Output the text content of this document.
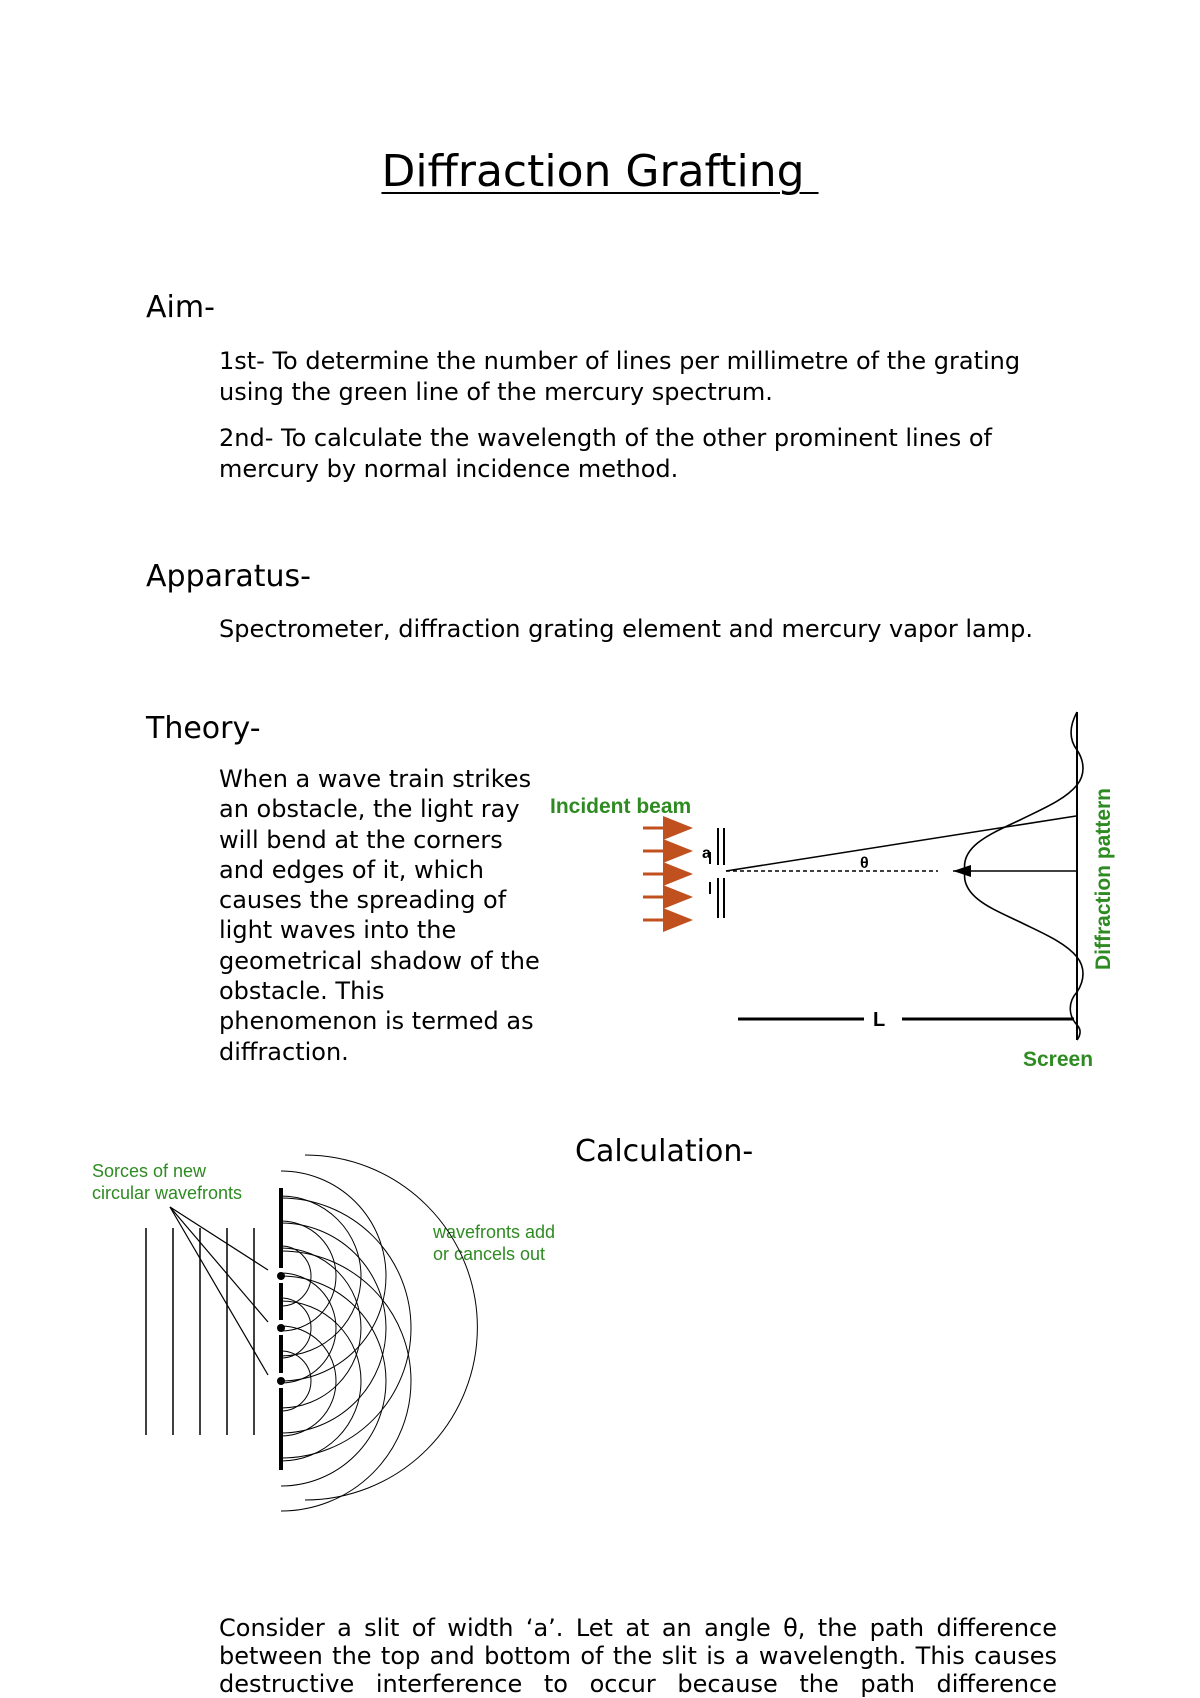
Diffraction Grafting
Aim-
1st- To determine the number of lines per millimetre of the grating using the green line of the mercury spectrum.
2nd- To calculate the wavelength of the other prominent lines of mercury by normal incidence method.
Apparatus-
Spectrometer, diffraction grating element and mercury vapor lamp.
Theory-
When a wave train strikes an obstacle, the light ray will bend at the corners and edges of it, which causes the spreading of light waves into the geometrical shadow of the obstacle. This phenomenon is termed as diffraction.
Incident beam
a
θ	Diffraction pattern
L
Screen
Calculation-
Sorces of new
circular wavefronts
wavefronts add
or cancels out
Consider a slit of width ‘a’. Let at an angle θ, the path difference
between the top and bottom of the slit is a wavelength. This causes
destructive interference to occur because the path difference
